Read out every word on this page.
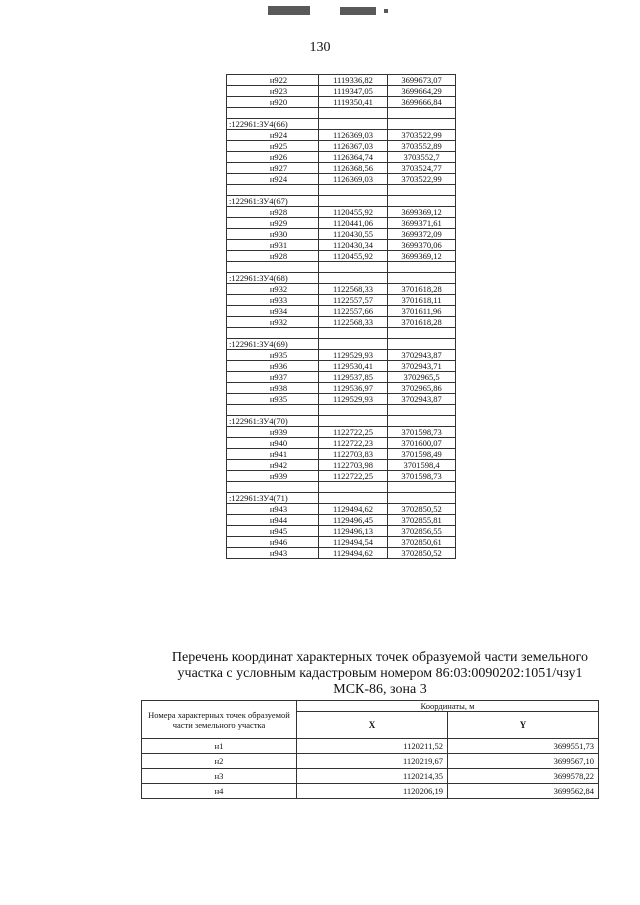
130
н922	1119336,82	3699673,07
н923	1119347,05	3699664,29
н920	1119350,41	3699666,84

:122961:ЗУ4(66)		
н924	1126369,03	3703522,99
н925	1126367,03	3703552,89
н926	1126364,74	3703552,7
н927	1126368,56	3703524,77
н924	1126369,03	3703522,99

:122961:ЗУ4(67)		
н928	1120455,92	3699369,12
н929	1120441,06	3699371,61
н930	1120430,55	3699372,09
н931	1120430,34	3699370,06
н928	1120455,92	3699369,12

:122961:ЗУ4(68)		
н932	1122568,33	3701618,28
н933	1122557,57	3701618,11
н934	1122557,66	3701611,96
н932	1122568,33	3701618,28

:122961:ЗУ4(69)		
н935	1129529,93	3702943,87
н936	1129530,41	3702943,71
н937	1129537,85	3702965,5
н938	1129536,97	3702965,86
н935	1129529,93	3702943,87

:122961:ЗУ4(70)		
н939	1122722,25	3701598,73
н940	1122722,23	3701600,07
н941	1122703,83	3701598,49
н942	1122703,98	3701598,4
н939	1122722,25	3701598,73

:122961:ЗУ4(71)		
н943	1129494,62	3702850,52
н944	1129496,45	3702855,81
н945	1129496,13	3702856,55
н946	1129494,54	3702850,61
н943	1129494,62	3702850,52
Перечень координат характерных точек образуемой части земельного
участка с условным кадастровым номером 86:03:0090202:1051/чзу1
МСК-86, зона 3
Номера характерных точек образуемой части земельного участка	Координаты, м	
	X	Y
н1	1120211,52	3699551,73
н2	1120219,67	3699567,10
н3	1120214,35	3699578,22
н4	1120206,19	3699562,84
